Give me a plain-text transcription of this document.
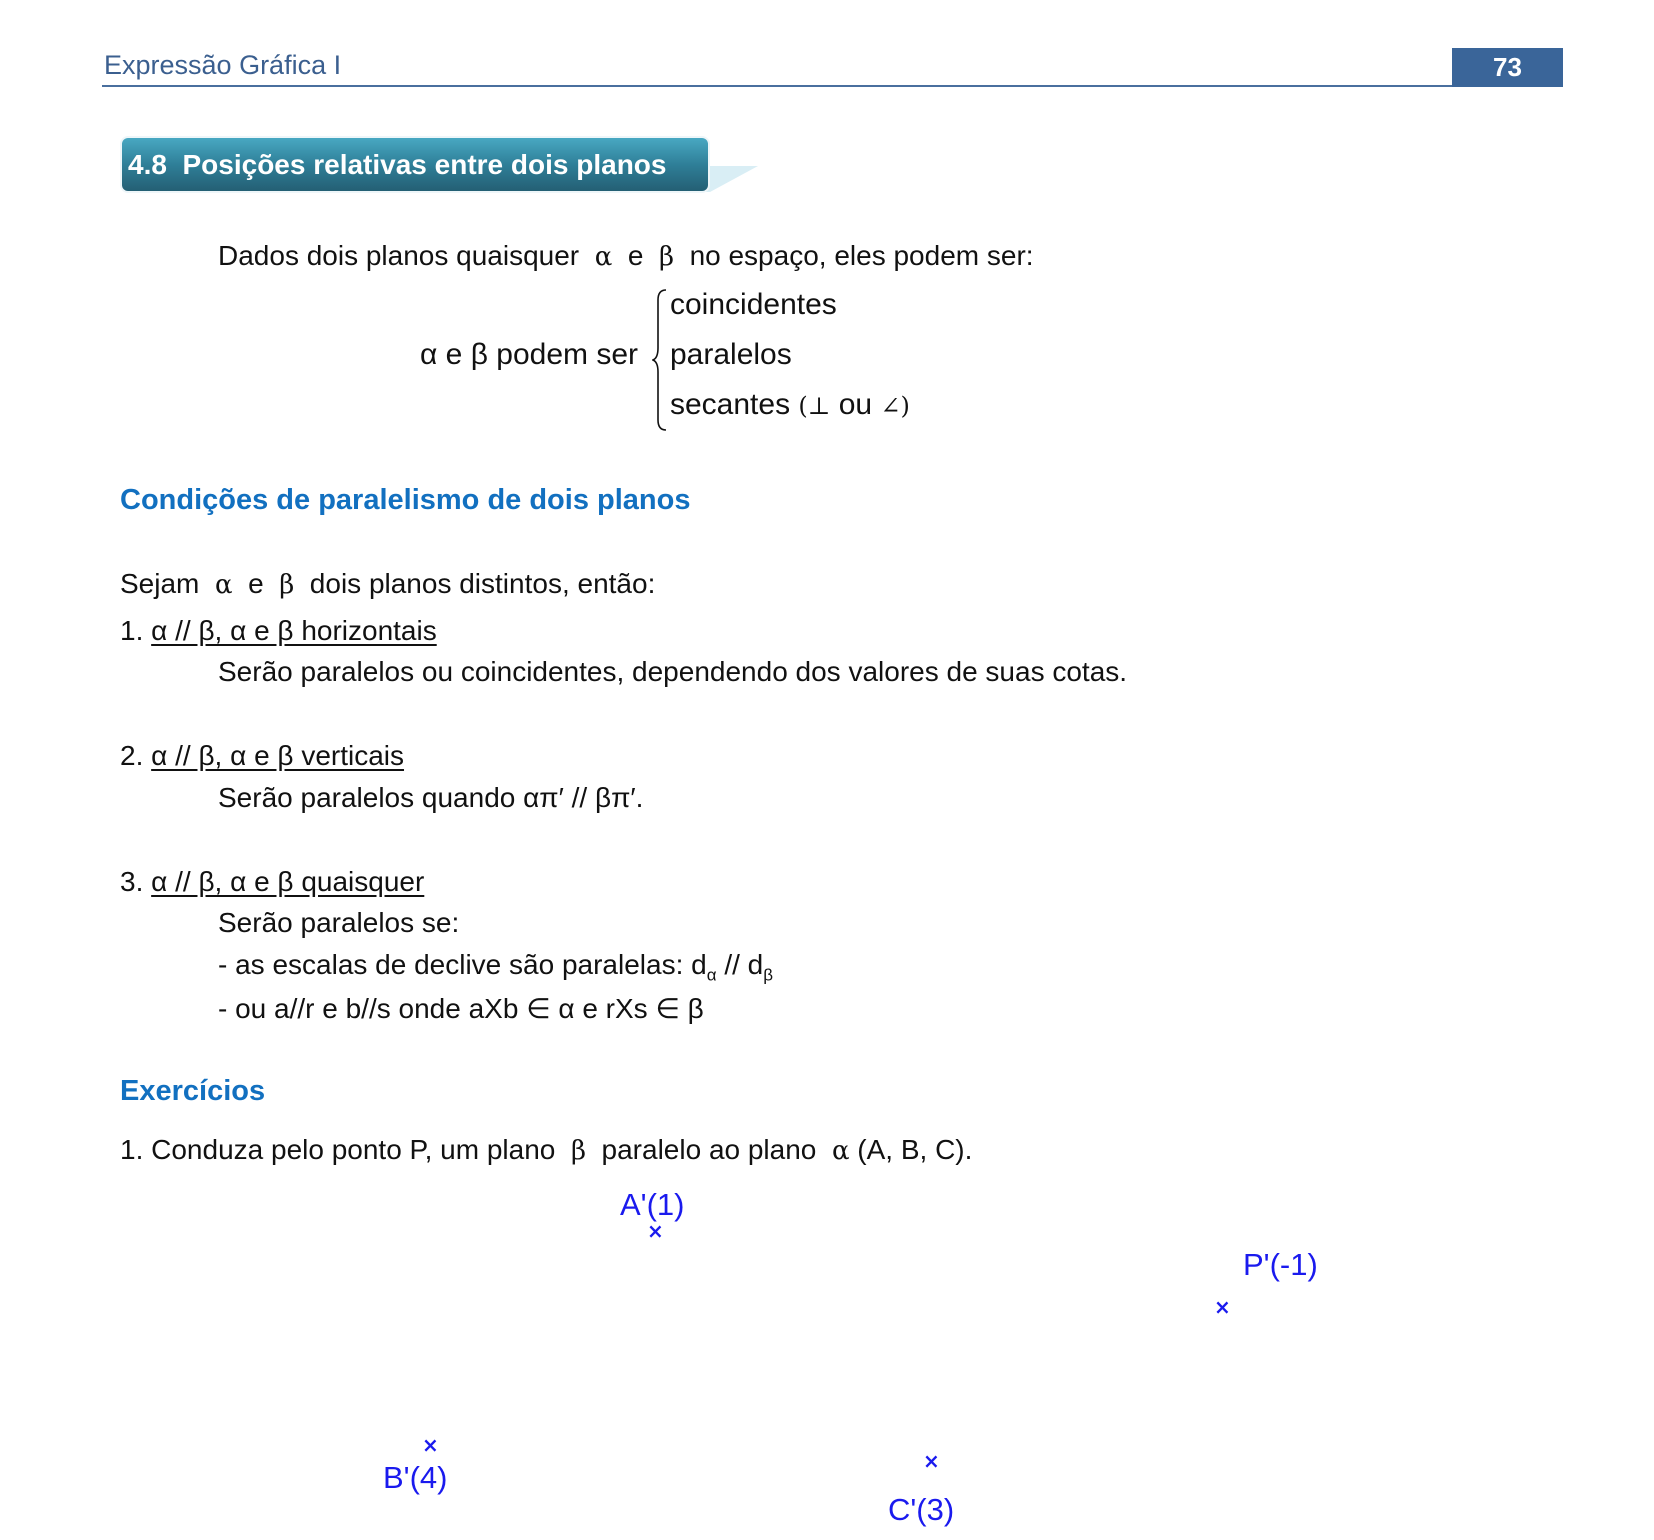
Expressão Gráfica I	73
4.8 Posições relativas entre dois planos
Dados dois planos quaisquer α e β no espaço, eles podem ser:
α e β podem ser
coincidentes
paralelos
secantes (⊥ ou ∠)
Condições de paralelismo de dois planos
Sejam α e β dois planos distintos, então:
1. α // β, α e β horizontais
Serão paralelos ou coincidentes, dependendo dos valores de suas cotas.
2. α // β, α e β verticais
Serão paralelos quando απ′ // βπ′.
3. α // β, α e β quaisquer
Serão paralelos se:
- as escalas de declive são paralelas: $d_\alpha // d_\beta$
- ou a//r e b//s onde aXb ∈ α e rXs ∈ β
Exercícios
1. Conduza pelo ponto P, um plano β paralelo ao plano α (A, B, C).
A'(1)
×
P'(-1)
×
×
B'(4)	×
C'(3)
